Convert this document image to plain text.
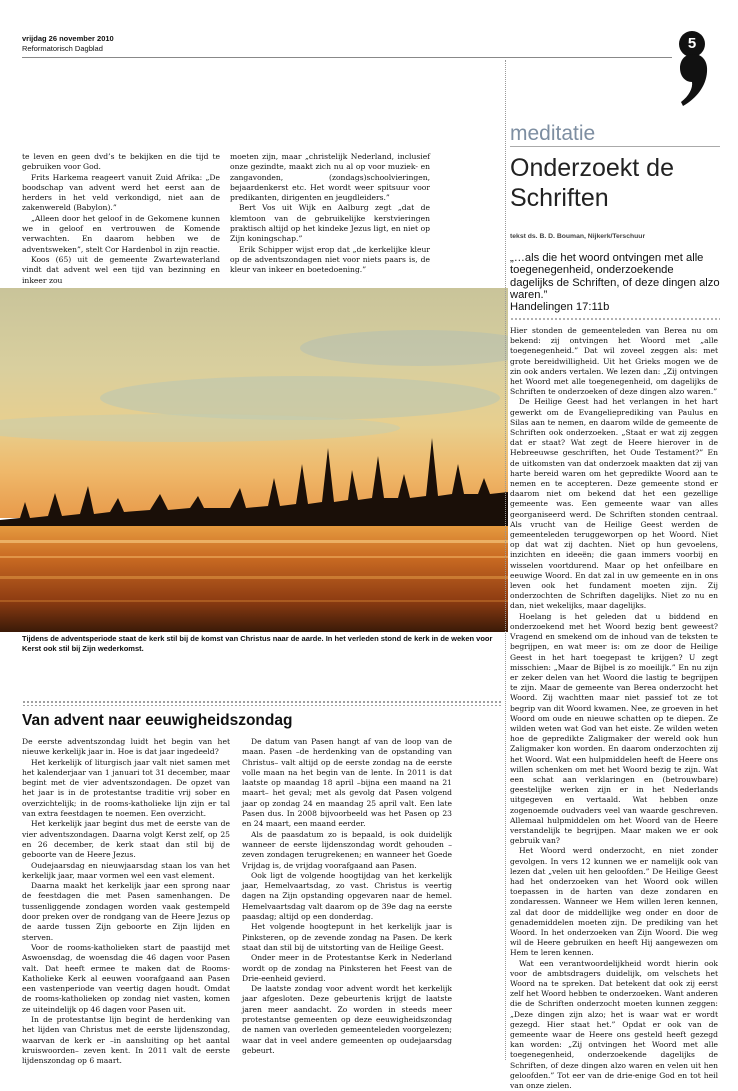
vrijdag 26 november 2010
Reformatorisch Dagblad	5

te leven en geen dvd’s te bekijken en die tijd te gebruiken voor God.

Frits Harkema reageert vanuit Zuid Afrika: „De boodschap van advent werd het eerst aan de herders in het veld verkondigd, niet aan de zakenwereld (Babylon).”

„Alleen door het geloof in de Gekomene kunnen we in geloof en vertrouwen de Komende verwachten. En daarom hebben we de adventsweken”, stelt Cor Hardenbol in zijn reactie.

Koos (65) uit de gemeente Zwartewaterland vindt dat advent wel een tijd van bezinning en inkeer zou

moeten zijn, maar „christelijk Nederland, inclusief onze gezindte, maakt zich nu al op voor muziek- en zangavonden, (zondags)schoolvieringen, bejaardenkerst etc. Het wordt weer spitsuur voor predikanten, dirigenten en jeugdleiders.”

Bert Vos uit Wijk en Aalburg zegt „dat de klemtoon van de gebruikelijke kerstvieringen praktisch altijd op het kindeke Jezus ligt, en niet op Zijn koningschap.”

Erik Schipper wijst erop dat „de kerkelijke kleur op de adventszondagen niet voor niets paars is, de kleur van inkeer en boetedoening.”

Tijdens de adventsperiode staat de kerk stil bij de komst van Christus naar de aarde. In het verleden stond de kerk in de weken voor Kerst ook stil bij Zijn wederkomst.
Van advent naar eeuwigheidszondag

De eerste adventszondag luidt het begin van het nieuwe kerkelijk jaar in. Hoe is dat jaar ingedeeld?

Het kerkelijk of liturgisch jaar valt niet samen met het kalenderjaar van 1 januari tot 31 december, maar begint met de vier adventszondagen. De opzet van het jaar is in de protestantse traditie vrij sober en overzichtelijk; in de rooms-katholieke lijn zijn er tal van extra feestdagen te noemen. Een overzicht.

Het kerkelijk jaar begint dus met de eerste van de vier adventszondagen. Daarna volgt Kerst zelf, op 25 en 26 december, de kerk staat dan stil bij de geboorte van de Heere Jezus.

Oudejaarsdag en nieuwjaarsdag staan los van het kerkelijk jaar, maar vormen wel een vast element.

Daarna maakt het kerkelijk jaar een sprong naar de feestdagen die met Pasen samenhangen. De tussenliggende zondagen worden vaak gestempeld door preken over de rondgang van de Heere Jezus op de aarde tussen Zijn geboorte en Zijn lijden en sterven.

Voor de rooms-katholieken start de paastijd met Aswoensdag, de woensdag die 46 dagen voor Pasen valt. Dat heeft ermee te maken dat de Rooms-Katholieke Kerk al eeuwen voorafgaand aan Pasen een vastenperiode van veertig dagen houdt. Omdat de rooms-katholieken op zondag niet vasten, komen ze uiteindelijk op 46 dagen voor Pasen uit.

In de protestantse lijn begint de herdenking van het lijden van Christus met de eerste lijdenszondag, waarvan de kerk er –in aansluiting op het aantal kruiswoorden– zeven kent. In 2011 valt de eerste lijdenszondag op 6 maart.

De datum van Pasen hangt af van de loop van de maan. Pasen –de herdenking van de opstanding van Christus– valt altijd op de eerste zondag na de eerste volle maan na het begin van de lente. In 2011 is dat laatste op maandag 18 april –bijna een maand na 21 maart– het geval; met als gevolg dat Pasen volgend jaar op zondag 24 en maandag 25 april valt. Een late Pasen dus. In 2008 bijvoorbeeld was het Pasen op 23 en 24 maart, een maand eerder.

Als de paasdatum zo is bepaald, is ook duidelijk wanneer de eerste lijdenszondag wordt gehouden – zeven zondagen terugrekenen; en wanneer het Goede Vrijdag is, de vrijdag voorafgaand aan Pasen.

Ook ligt de volgende hoogtijdag van het kerkelijk jaar, Hemelvaartsdag, zo vast. Christus is veertig dagen na Zijn opstanding opgevaren naar de hemel. Hemelvaartsdag valt daarom op de 39e dag na eerste paasdag; altijd op een donderdag.

Het volgende hoogtepunt in het kerkelijk jaar is Pinksteren, op de zevende zondag na Pasen. De kerk staat dan stil bij de uitstorting van de Heilige Geest.

Onder meer in de Protestantse Kerk in Nederland wordt op de zondag na Pinksteren het Feest van de Drie-eenheid gevierd.

De laatste zondag voor advent wordt het kerkelijk jaar afgesloten. Deze gebeurtenis krijgt de laatste jaren meer aandacht. Zo worden in steeds meer protestantse gemeenten op deze eeuwigheidszondag de namen van overleden gemeenteleden voorgelezen; waar dat in veel andere gemeenten op oudejaarsdag gebeurt.

meditatie
Onderzoekt de
Schriften
tekst ds. B. D. Bouman, Nijkerk/Terschuur
„…als die het woord ontvingen met alle toegenegenheid, onderzoekende dagelijks de Schriften, of deze dingen alzo waren.”
Handelingen 17:11b

Hier stonden de gemeenteleden van Berea nu om bekend: zij ontvingen het Woord met „alle toegenegenheid.” Dat wil zoveel zeggen als: met grote bereidwilligheid. Uit het Grieks mogen we de zin ook anders vertalen. We lezen dan: „Zij ontvingen het Woord met alle toegenegenheid, om dagelijks de Schriften te onderzoeken of deze dingen alzo waren.”

De Heilige Geest had het verlangen in het hart gewerkt om de Evangelieprediking van Paulus en Silas aan te nemen, en daarom wilde de gemeente de Schriften ook onderzoeken. „Staat er wat zij zeggen dat er staat? Wat zegt de Heere hierover in de Hebreeuwse geschriften, het Oude Testament?” En de uitkomsten van dat onderzoek maakten dat zij van harte bereid waren om het gepredikte Woord aan te nemen en te accepteren. Deze gemeente stond er daarom niet om bekend dat het een gezellige gemeente was. Een gemeente waar van alles georganiseerd werd. De Schriften stonden centraal. Als vrucht van de Heilige Geest werden de gemeenteleden teruggeworpen op het Woord. Niet op dat wat zij dachten. Niet op hun gevoelens, inzichten en ideeën; die gaan immers voorbij en wisselen voortdurend. Maar op het onfeilbare en eeuwige Woord. En dat zal in uw gemeente en in ons leven ook het fundament moeten zijn. Zij onderzochten de Schriften dagelijks. Niet zo nu en dan, niet wekelijks, maar dagelijks.

Hoelang is het geleden dat u biddend en onderzoekend met het Woord bezig bent geweest? Vragend en smekend om de inhoud van de teksten te begrijpen, en wat meer is: om ze door de Heilige Geest in het hart toegepast te krijgen? U zegt misschien: „Maar de Bijbel is zo moeilijk.” En nu zijn er zeker delen van het Woord die lastig te begrijpen te zijn. Maar de gemeente van Berea onderzocht het Woord. Zij wachtten maar niet passief tot ze tot begrip van dit Woord kwamen. Nee, ze groeven in het Woord om oude en nieuwe schatten op te diepen. Ze wilden weten wat God van het eiste. Ze wilden weten hoe de gepredikte Zaligmaker der wereld ook hun Zaligmaker kon worden. En daarom onderzochten zij het Woord. Wat een hulpmiddelen heeft de Heere ons willen schenken om met het Woord bezig te zijn. Wat een schat aan verklaringen en (betrouwbare) geestelijke werken zijn er in het Nederlands uitgegeven en vertaald. Wat hebben onze zogenoemde oudvaders veel van waarde geschreven. Allemaal hulpmiddelen om het Woord van de Heere verstandelijk te begrijpen. Maar maken we er ook gebruik van?

Het Woord werd onderzocht, en niet zonder gevolgen. In vers 12 kunnen we er namelijk ook van lezen dat „velen uit hen geloofden.” De Heilige Geest had het onderzoeken van het Woord ook willen toepassen in de harten van deze zondaren en zondaressen. Wanneer we Hem willen leren kennen, zal dat door de middellijke weg onder en door de genademiddelen moeten zijn. De prediking van het Woord. In het onderzoeken van Zijn Woord. Die weg wil de Heere gebruiken en heeft Hij aangewezen om Hem te leren kennen.

Wat een verantwoordelijkheid wordt hierin ook voor de ambtsdragers duidelijk, om velschets het Woord na te spreken. Dat betekent dat ook zij eerst zelf het Woord hebben te onderzoeken. Want anderen die de Schriften onderzocht moeten kunnen zeggen: „Deze dingen zijn alzo; het is waar wat er wordt gezegd. Hier staat het.” Opdat er ook van de gemeente waar de Heere ons gesteld heeft gezegd kan worden: „Zij ontvingen het Woord met alle toegenegenheid, onderzoekende dagelijks de Schriften, of deze dingen alzo waren en velen uit hen geloofden.” Tot eer van de drie-enige God en tot heil van onze zielen.
